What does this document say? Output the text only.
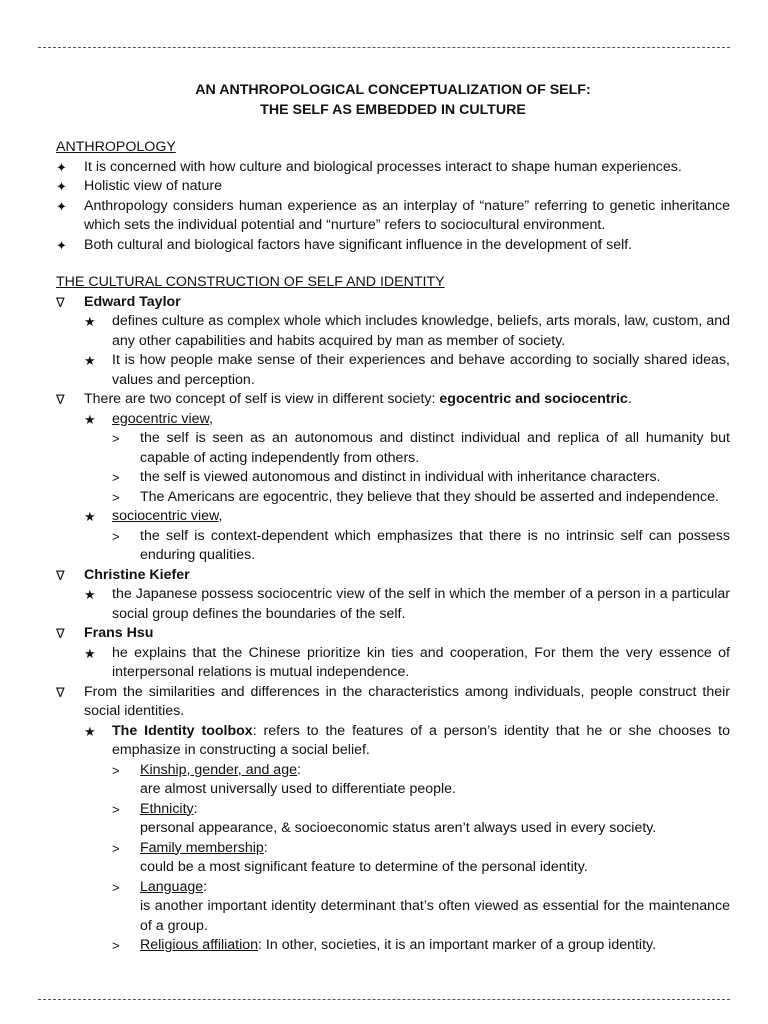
AN ANTHROPOLOGICAL CONCEPTUALIZATION OF SELF:
THE SELF AS EMBEDDED IN CULTURE
ANTHROPOLOGY
✦	It is concerned with how culture and biological processes interact to shape human experiences.
✦	Holistic view of nature
✦	Anthropology considers human experience as an interplay of “nature” referring to genetic inheritance which sets the individual potential and “nurture” refers to sociocultural environment.
✦	Both cultural and biological factors have significant influence in the development of self.
THE CULTURAL CONSTRUCTION OF SELF AND IDENTITY
∇	Edward Taylor
★	defines culture as complex whole which includes knowledge, beliefs, arts morals, law, custom, and any other capabilities and habits acquired by man as member of society.
★	It is how people make sense of their experiences and behave according to socially shared ideas, values and perception.
∇	There are two concept of self is view in different society: egocentric and sociocentric.
★	egocentric view,
>	the self is seen as an autonomous and distinct individual and replica of all humanity but capable of acting independently from others.
>	the self is viewed autonomous and distinct in individual with inheritance characters.
>	The Americans are egocentric, they believe that they should be asserted and independence.
★	sociocentric view,
>	the self is context-dependent which emphasizes that there is no intrinsic self can possess enduring qualities.
∇	Christine Kiefer
★	the Japanese possess sociocentric view of the self in which the member of a person in a particular social group defines the boundaries of the self.
∇	Frans Hsu
★	he explains that the Chinese prioritize kin ties and cooperation, For them the very essence of interpersonal relations is mutual independence.
∇	From the similarities and differences in the characteristics among individuals, people construct their social identities.
★	The Identity toolbox: refers to the features of a person’s identity that he or she chooses to emphasize in constructing a social belief.
>	Kinship, gender, and age:
are almost universally used to differentiate people.
>	Ethnicity:
personal appearance, & socioeconomic status aren’t always used in every society.
>	Family membership:
could be a most significant feature to determine of the personal identity.
>	Language:
is another important identity determinant that’s often viewed as essential for the maintenance of a group.
>	Religious affiliation: In other, societies, it is an important marker of a group identity.
